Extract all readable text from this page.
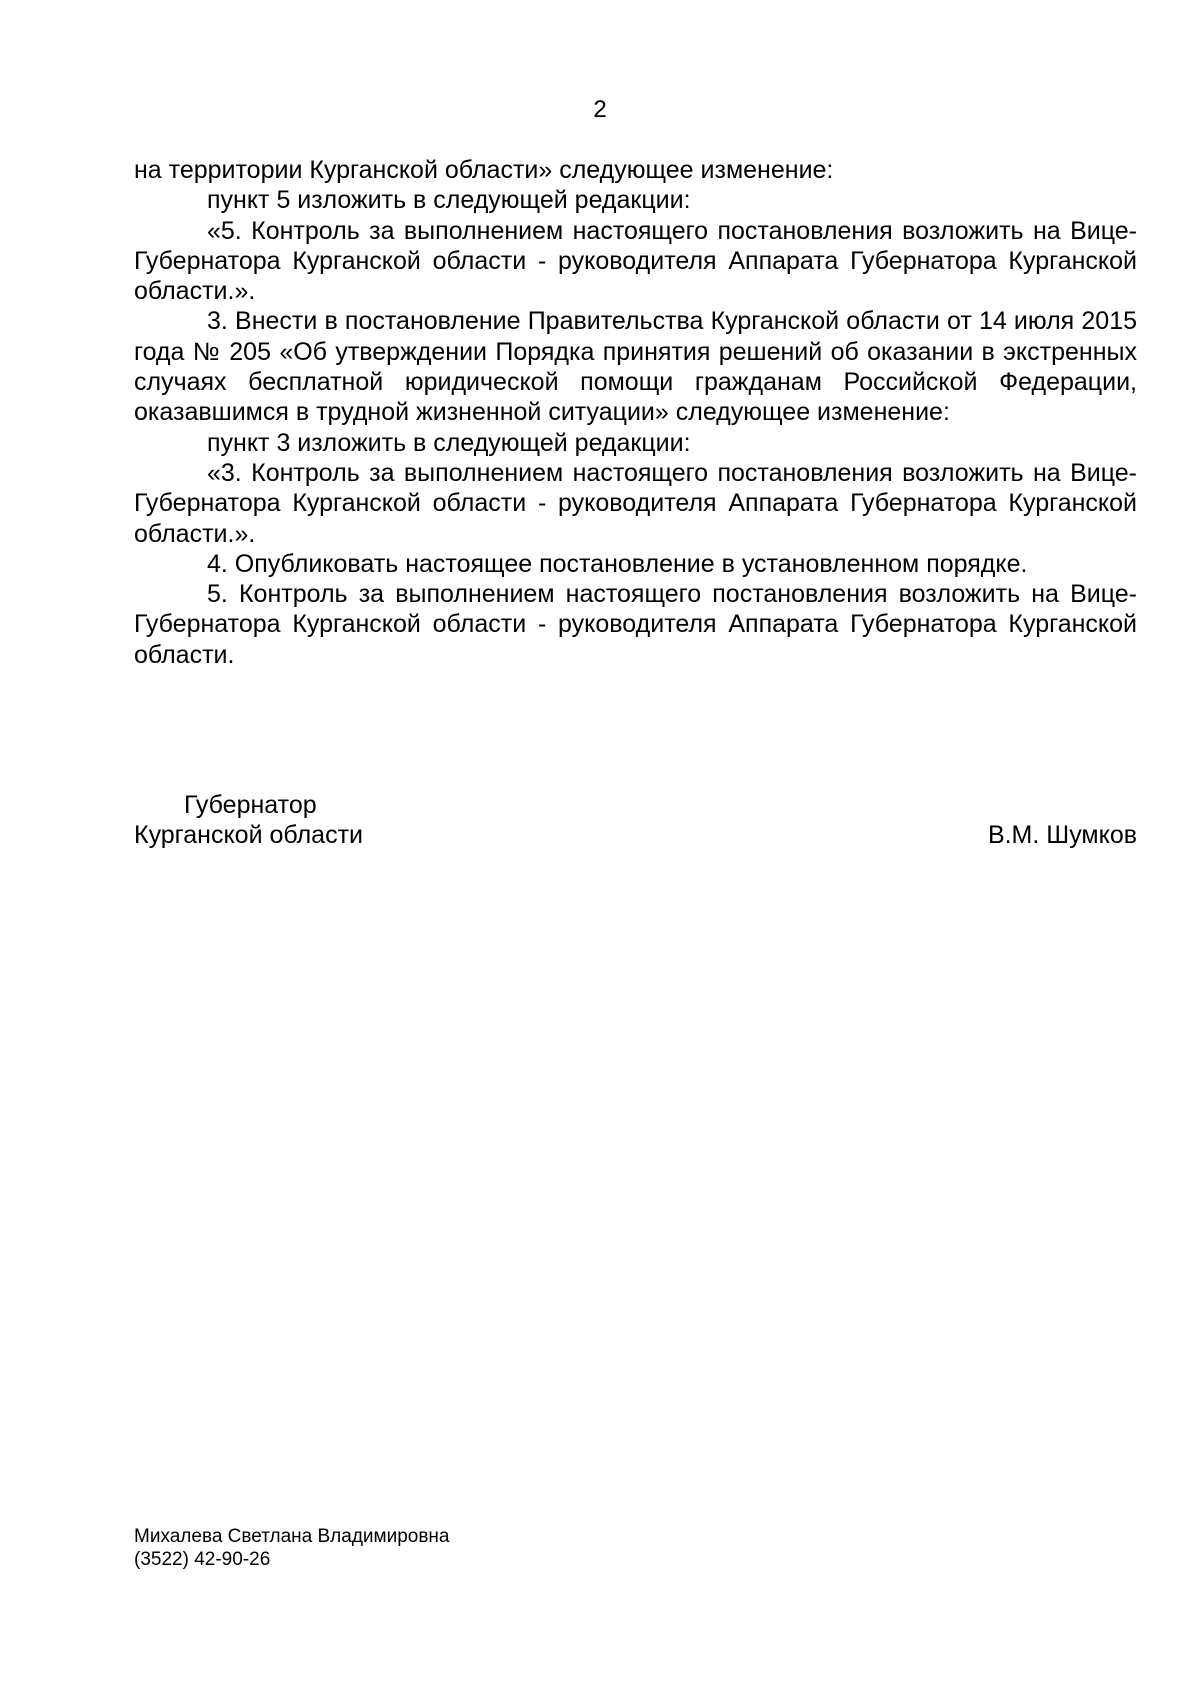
2

на территории Курганской области» следующее изменение:

пункт 5 изложить в следующей редакции:

«5. Контроль за выполнением настоящего постановления возложить на Вице-Губернатора Курганской области - руководителя Аппарата Губернатора Курганской области.».

3. Внести в постановление Правительства Курганской области от 14 июля 2015 года № 205 «Об утверждении Порядка принятия решений об оказании в экстренных случаях бесплатной юридической помощи гражданам Российской Федерации, оказавшимся в трудной жизненной ситуации» следующее изменение:

пункт 3 изложить в следующей редакции:

«3. Контроль за выполнением настоящего постановления возложить на Вице-Губернатора Курганской области - руководителя Аппарата Губернатора Курганской области.».

4. Опубликовать настоящее постановление в установленном порядке.

5. Контроль за выполнением настоящего постановления возложить на Вице-Губернатора Курганской области - руководителя Аппарата Губернатора Курганской области.

Губернатор
Курганской области	В.М. Шумков
Михалева Светлана Владимировна
(3522) 42-90-26
